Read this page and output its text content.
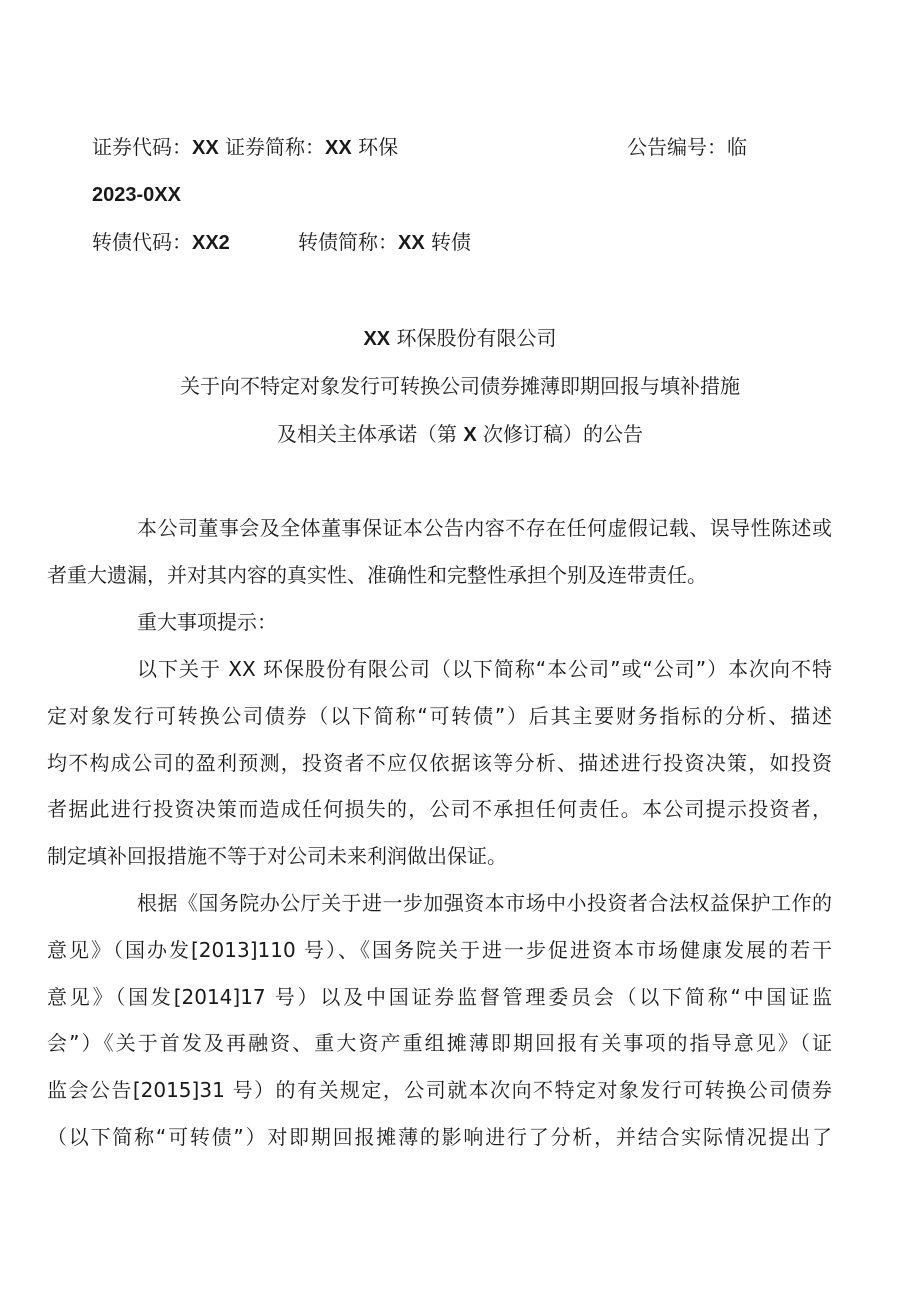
证券代码：XX 证券简称：XX 环保	公告编号：临
2023-0XX
转债代码：XX2	转债简称：XX 转债
XX 环保股份有限公司
关于向不特定对象发行可转换公司债券摊薄即期回报与填补措施
及相关主体承诺（第 X 次修订稿）的公告
本公司董事会及全体董事保证本公告内容不存在任何虚假记载、误导性陈述或
者重大遗漏，并对其内容的真实性、准确性和完整性承担个别及连带责任。
重大事项提示：
以下关于 XX 环保股份有限公司（以下简称“本公司”或“公司”）本次向不特
定对象发行可转换公司债券（以下简称“可转债”）后其主要财务指标的分析、描述
均不构成公司的盈利预测，投资者不应仅依据该等分析、描述进行投资决策，如投资
者据此进行投资决策而造成任何损失的，公司不承担任何责任。本公司提示投资者，
制定填补回报措施不等于对公司未来利润做出保证。
根据《国务院办公厅关于进一步加强资本市场中小投资者合法权益保护工作的
意见》（国办发[2013]110 号）、《国务院关于进一步促进资本市场健康发展的若干
意见》（国发[2014]17 号）以及中国证券监督管理委员会（以下简称“中国证监
会”）《关于首发及再融资、重大资产重组摊薄即期回报有关事项的指导意见》（证
监会公告[2015]31 号）的有关规定，公司就本次向不特定对象发行可转换公司债券
（以下简称“可转债”）对即期回报摊薄的影响进行了分析，并结合实际情况提出了
